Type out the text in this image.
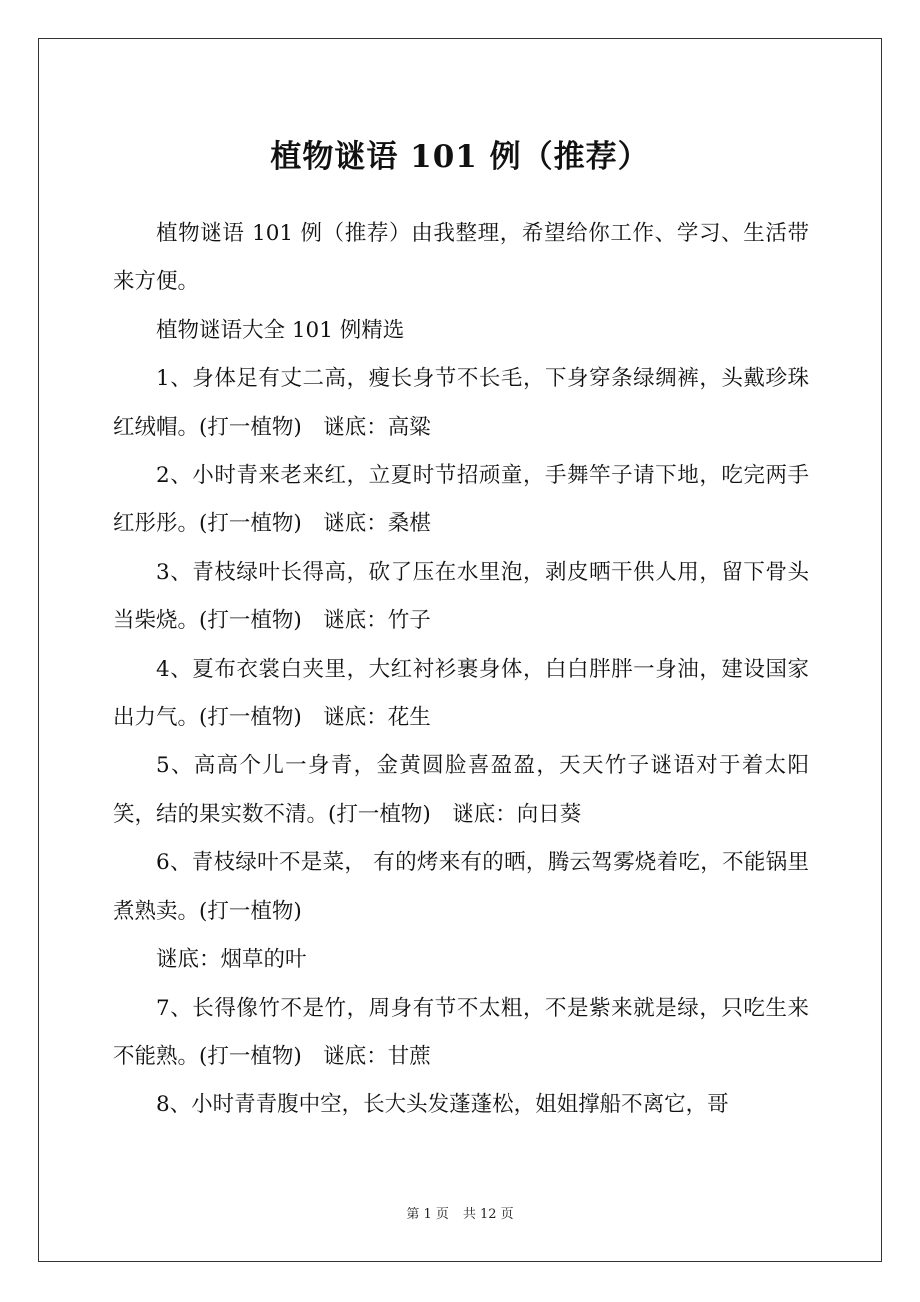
植物谜语 101 例（推荐）

植物谜语 101 例（推荐）由我整理，希望给你工作、学习、生活带来方便。

植物谜语大全 101 例精选

1、身体足有丈二高，瘦长身节不长毛，下身穿条绿绸裤，头戴珍珠红绒帽。(打一植物)　谜底：高粱

2、小时青来老来红，立夏时节招顽童，手舞竿子请下地，吃完两手红彤彤。(打一植物)　谜底：桑椹

3、青枝绿叶长得高，砍了压在水里泡，剥皮晒干供人用，留下骨头当柴烧。(打一植物)　谜底：竹子

4、夏布衣裳白夹里，大红衬衫裹身体，白白胖胖一身油，建设国家出力气。(打一植物)　谜底：花生

5、高高个儿一身青，金黄圆脸喜盈盈，天天竹子谜语对于着太阳笑，结的果实数不清。(打一植物)　谜底：向日葵

6、青枝绿叶不是菜， 有的烤来有的晒，腾云驾雾烧着吃，不能锅里煮熟卖。(打一植物)

谜底：烟草的叶

7、长得像竹不是竹，周身有节不太粗，不是紫来就是绿，只吃生来不能熟。(打一植物)　谜底：甘蔗

8、小时青青腹中空，长大头发蓬蓬松，姐姐撑船不离它，哥

第 1 页 共 12 页
